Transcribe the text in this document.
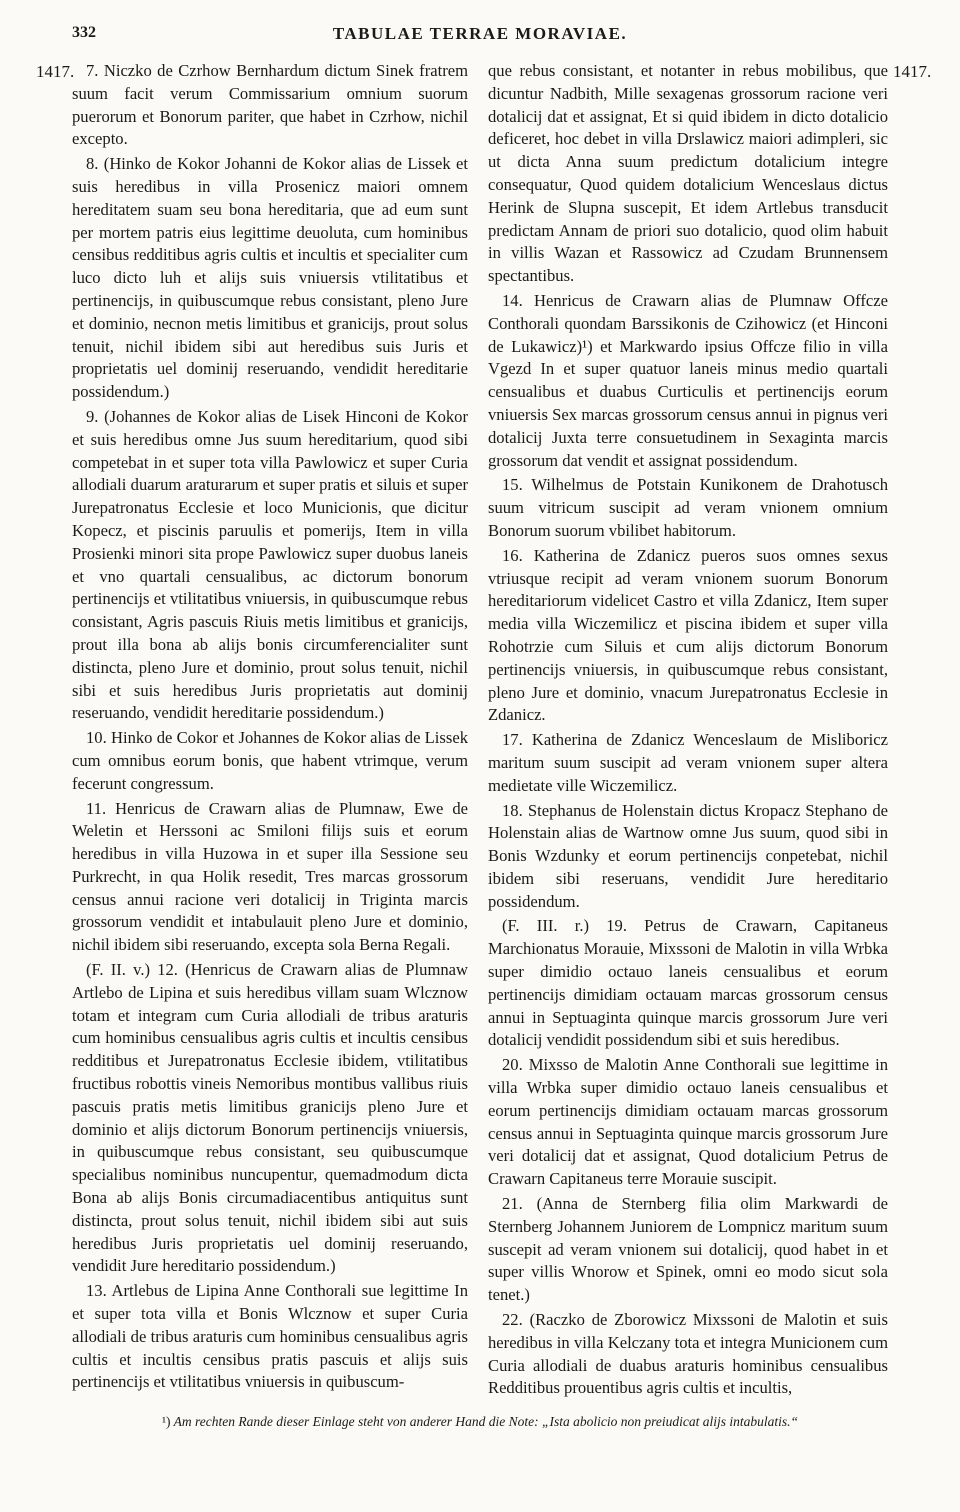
332	TABULAE TERRAE MORAVIAE.
1417.	1417.

7. Niczko de Czrhow Bernhardum dictum Sinek fratrem suum facit verum Commissarium omnium suorum puerorum et Bonorum pariter, que habet in Czrhow, nichil excepto.

8. (Hinko de Kokor Johanni de Kokor alias de Lissek et suis heredibus in villa Prosenicz maiori omnem hereditatem suam seu bona hereditaria, que ad eum sunt per mortem patris eius legittime deuoluta, cum hominibus censibus redditibus agris cultis et incultis et specialiter cum luco dicto luh et alijs suis vniuersis vtilitatibus et pertinencijs, in quibuscumque rebus consistant, pleno Jure et dominio, necnon metis limitibus et granicijs, prout solus tenuit, nichil ibidem sibi aut heredibus suis Juris et proprietatis uel dominij reseruando, vendidit hereditarie possidendum.)

9. (Johannes de Kokor alias de Lisek Hinconi de Kokor et suis heredibus omne Jus suum hereditarium, quod sibi competebat in et super tota villa Pawlowicz et super Curia allodiali duarum araturarum et super pratis et siluis et super Jurepatronatus Ecclesie et loco Municionis, que dicitur Kopecz, et piscinis paruulis et pomerijs, Item in villa Prosienki minori sita prope Pawlowicz super duobus laneis et vno quartali censualibus, ac dictorum bonorum pertinencijs et vtilitatibus vniuersis, in quibuscumque rebus consistant, Agris pascuis Riuis metis limitibus et granicijs, prout illa bona ab alijs bonis circumferencialiter sunt distincta, pleno Jure et dominio, prout solus tenuit, nichil sibi et suis heredibus Juris proprietatis aut dominij reseruando, vendidit hereditarie possidendum.)

10. Hinko de Cokor et Johannes de Kokor alias de Lissek cum omnibus eorum bonis, que habent vtrimque, verum fecerunt congressum.

11. Henricus de Crawarn alias de Plumnaw, Ewe de Weletin et Herssoni ac Smiloni filijs suis et eorum heredibus in villa Huzowa in et super illa Sessione seu Purkrecht, in qua Holik resedit, Tres marcas grossorum census annui racione veri dotalicij in Triginta marcis grossorum vendidit et intabulauit pleno Jure et dominio, nichil ibidem sibi reseruando, excepta sola Berna Regali.

(F. II. v.) 12. (Henricus de Crawarn alias de Plumnaw Artlebo de Lipina et suis heredibus villam suam Wlcznow totam et integram cum Curia allodiali de tribus araturis cum hominibus censualibus agris cultis et incultis censibus redditibus et Jurepatronatus Ecclesie ibidem, vtilitatibus fructibus robottis vineis Nemoribus montibus vallibus riuis pascuis pratis metis limitibus granicijs pleno Jure et dominio et alijs dictorum Bonorum pertinencijs vniuersis, in quibuscumque rebus consistant, seu quibuscumque specialibus nominibus nuncupentur, quemadmodum dicta Bona ab alijs Bonis circumadiacentibus antiquitus sunt distincta, prout solus tenuit, nichil ibidem sibi aut suis heredibus Juris proprietatis uel dominij reseruando, vendidit Jure hereditario possidendum.)

13. Artlebus de Lipina Anne Conthorali sue legittime In et super tota villa et Bonis Wlcznow et super Curia allodiali de tribus araturis cum hominibus censualibus agris cultis et incultis censibus pratis pascuis et alijs suis pertinencijs et vtilitatibus vniuersis in quibuscum-

que rebus consistant, et notanter in rebus mobilibus, que dicuntur Nadbith, Mille sexagenas grossorum racione veri dotalicij dat et assignat, Et si quid ibidem in dicto dotalicio deficeret, hoc debet in villa Drslawicz maiori adimpleri, sic ut dicta Anna suum predictum dotalicium integre consequatur, Quod quidem dotalicium Wenceslaus dictus Herink de Slupna suscepit, Et idem Artlebus transducit predictam Annam de priori suo dotalicio, quod olim habuit in villis Wazan et Rassowicz ad Czudam Brunnensem spectantibus.

14. Henricus de Crawarn alias de Plumnaw Offcze Conthorali quondam Barssikonis de Czihowicz (et Hinconi de Lukawicz)¹) et Markwardo ipsius Offcze filio in villa Vgezd In et super quatuor laneis minus medio quartali censualibus et duabus Curticulis et pertinencijs eorum vniuersis Sex marcas grossorum census annui in pignus veri dotalicij Juxta terre consuetudinem in Sexaginta marcis grossorum dat vendit et assignat possidendum.

15. Wilhelmus de Potstain Kunikonem de Drahotusch suum vitricum suscipit ad veram vnionem omnium Bonorum suorum vbilibet habitorum.

16. Katherina de Zdanicz pueros suos omnes sexus vtriusque recipit ad veram vnionem suorum Bonorum hereditariorum videlicet Castro et villa Zdanicz, Item super media villa Wiczemilicz et piscina ibidem et super villa Rohotrzie cum Siluis et cum alijs dictorum Bonorum pertinencijs vniuersis, in quibuscumque rebus consistant, pleno Jure et dominio, vnacum Jurepatronatus Ecclesie in Zdanicz.

17. Katherina de Zdanicz Wenceslaum de Misliboricz maritum suum suscipit ad veram vnionem super altera medietate ville Wiczemilicz.

18. Stephanus de Holenstain dictus Kropacz Stephano de Holenstain alias de Wartnow omne Jus suum, quod sibi in Bonis Wzdunky et eorum pertinencijs conpetebat, nichil ibidem sibi reseruans, vendidit Jure hereditario possidendum.

(F. III. r.) 19. Petrus de Crawarn, Capitaneus Marchionatus Morauie, Mixssoni de Malotin in villa Wrbka super dimidio octauo laneis censualibus et eorum pertinencijs dimidiam octauam marcas grossorum census annui in Septuaginta quinque marcis grossorum Jure veri dotalicij vendidit possidendum sibi et suis heredibus.

20. Mixsso de Malotin Anne Conthorali sue legittime in villa Wrbka super dimidio octauo laneis censualibus et eorum pertinencijs dimidiam octauam marcas grossorum census annui in Septuaginta quinque marcis grossorum Jure veri dotalicij dat et assignat, Quod dotalicium Petrus de Crawarn Capitaneus terre Morauie suscipit.

21. (Anna de Sternberg filia olim Markwardi de Sternberg Johannem Juniorem de Lompnicz maritum suum suscepit ad veram vnionem sui dotalicij, quod habet in et super villis Wnorow et Spinek, omni eo modo sicut sola tenet.)

22. (Raczko de Zborowicz Mixssoni de Malotin et suis heredibus in villa Kelczany tota et integra Municionem cum Curia allodiali de duabus araturis hominibus censualibus Redditibus prouentibus agris cultis et incultis,

¹) Am rechten Rande dieser Einlage steht von anderer Hand die Note: „Ista abolicio non preiudicat alijs intabulatis.“
